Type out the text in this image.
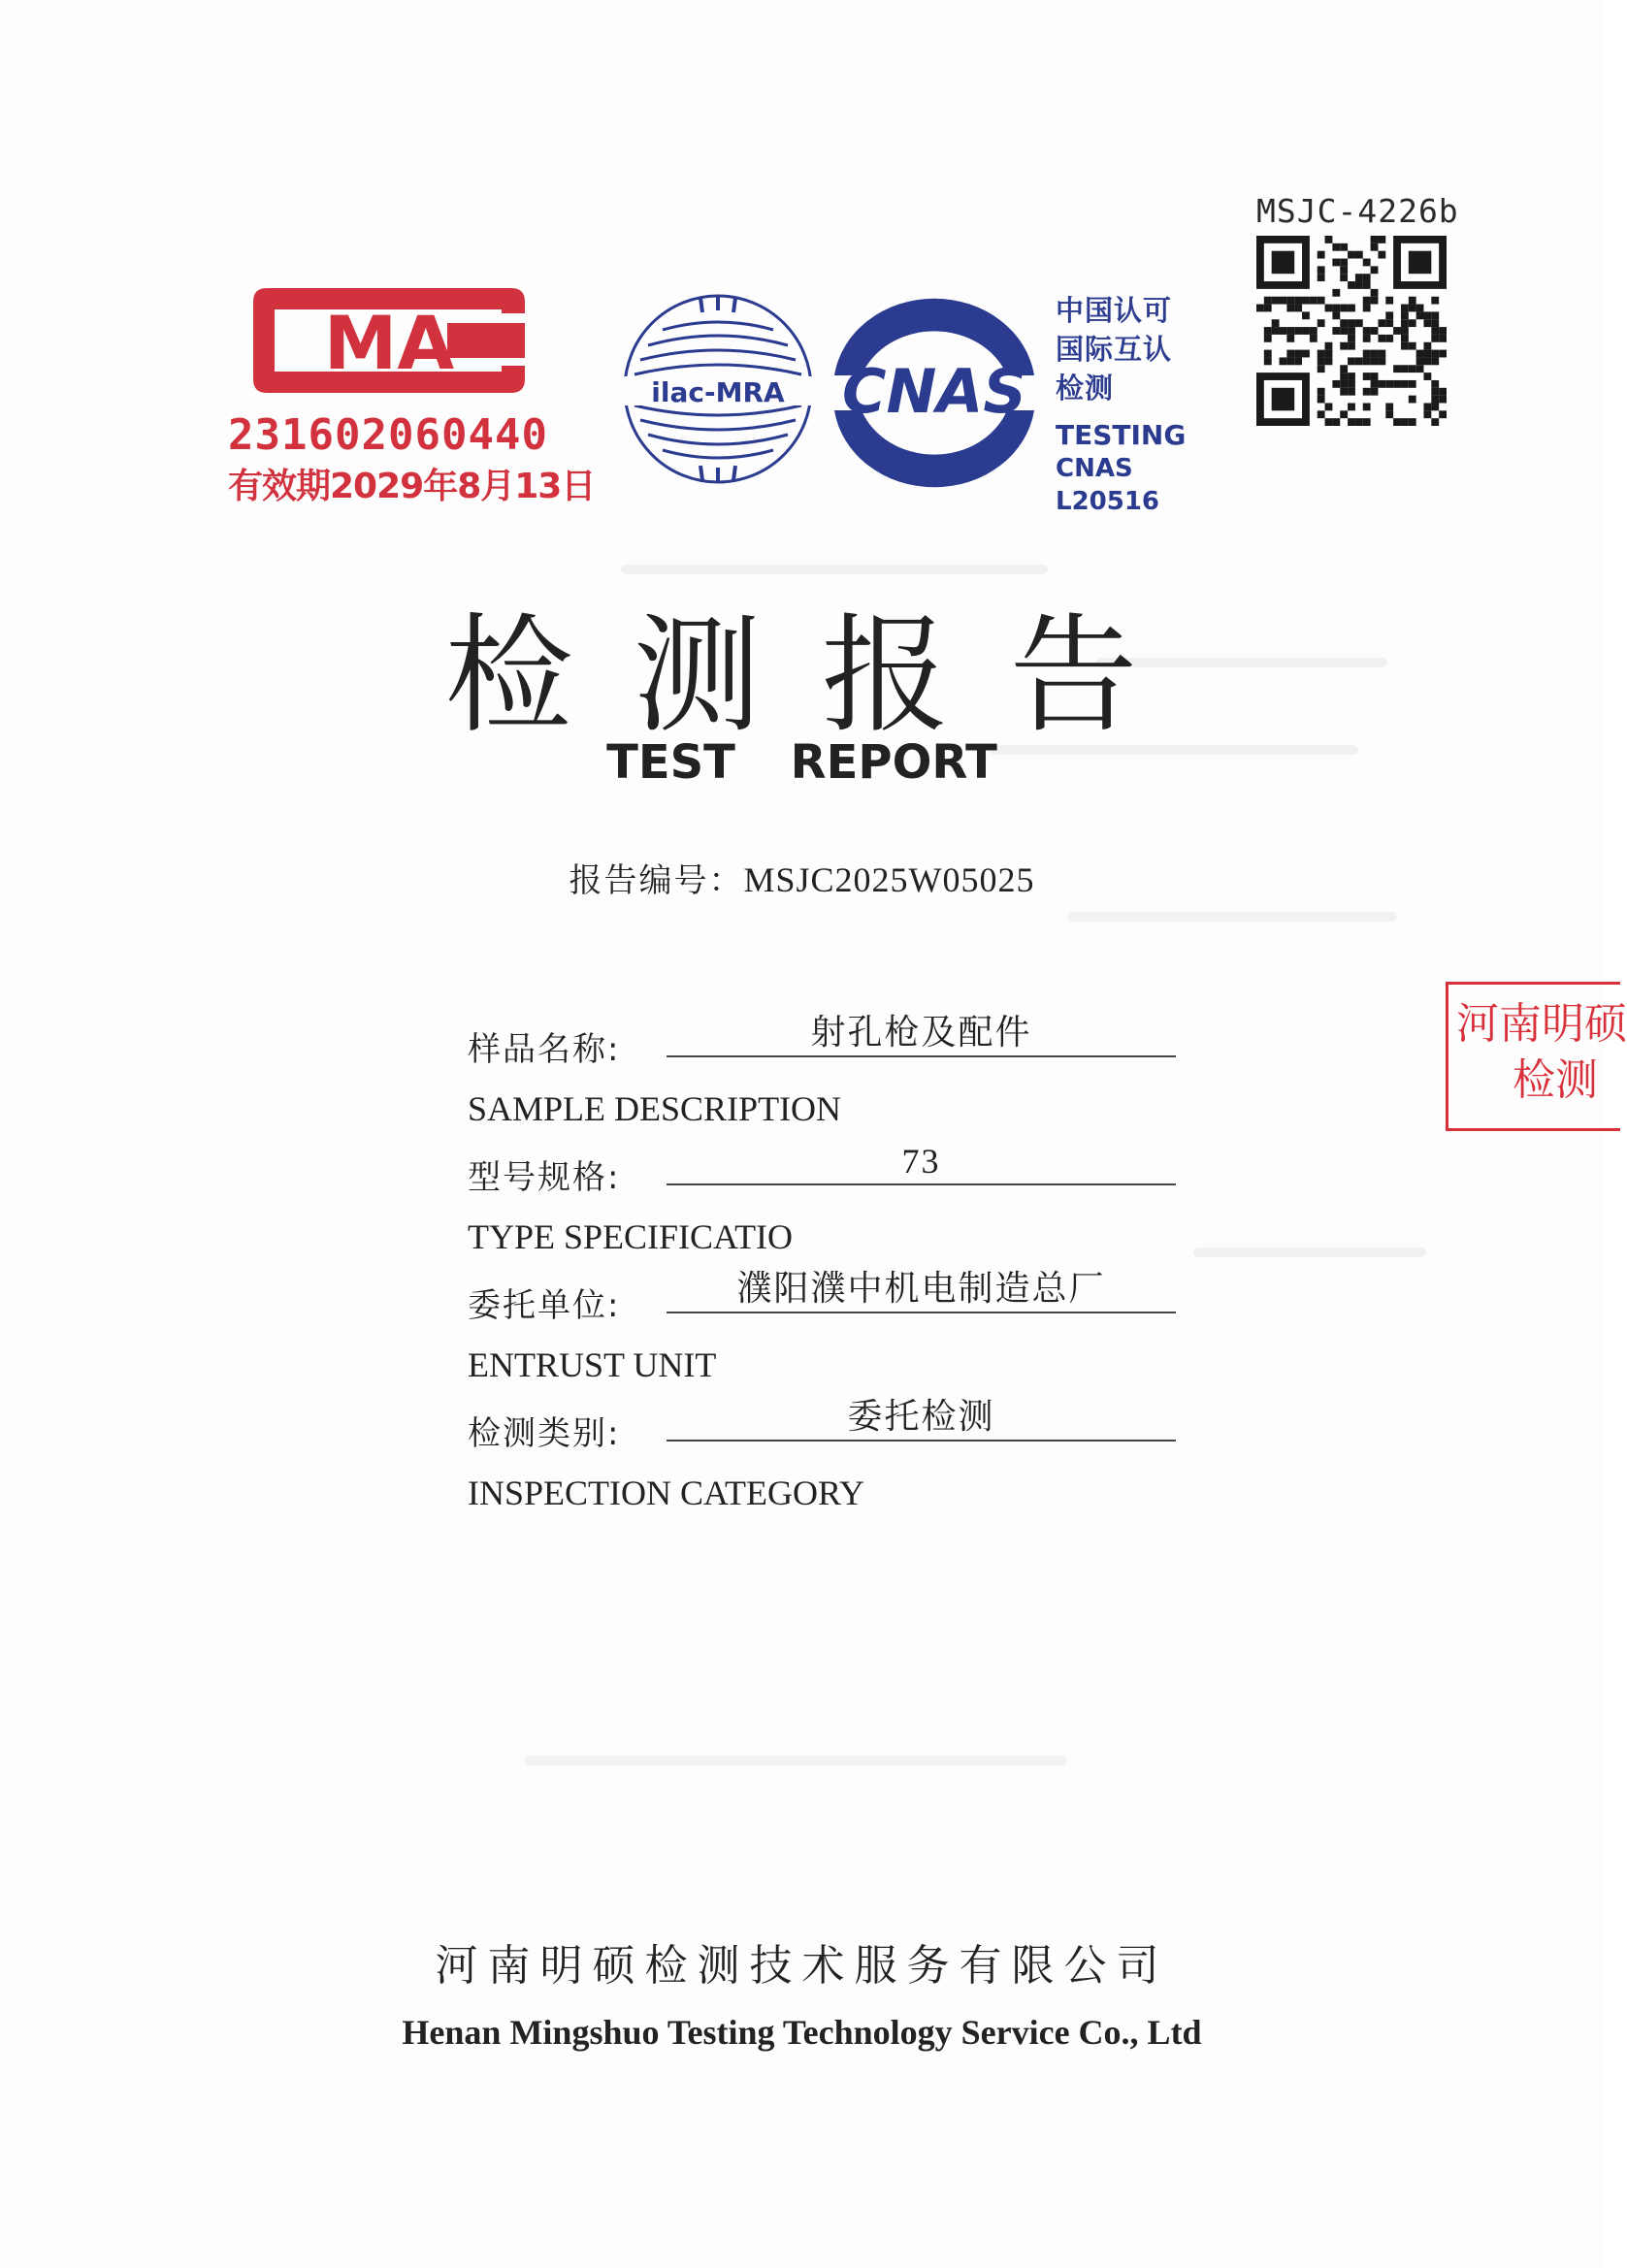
MA
231602060440
有效期2029年8月13日
ilac-MRA CNAS
中国认可
国际互认
检测
TESTING
CNAS L20516
MSJC-4226b
检测报告
TEST REPORT
报告编号：MSJC2025W05025
样品名称:	射孔枪及配件
SAMPLE DESCRIPTION
型号规格:	73
TYPE SPECIFICATIO
委托单位:	濮阳濮中机电制造总厂
ENTRUST UNIT
检测类别:	委托检测
INSPECTION CATEGORY
河南明硕
检测
河南明硕检测技术服务有限公司
Henan Mingshuo Testing Technology Service Co., Ltd
